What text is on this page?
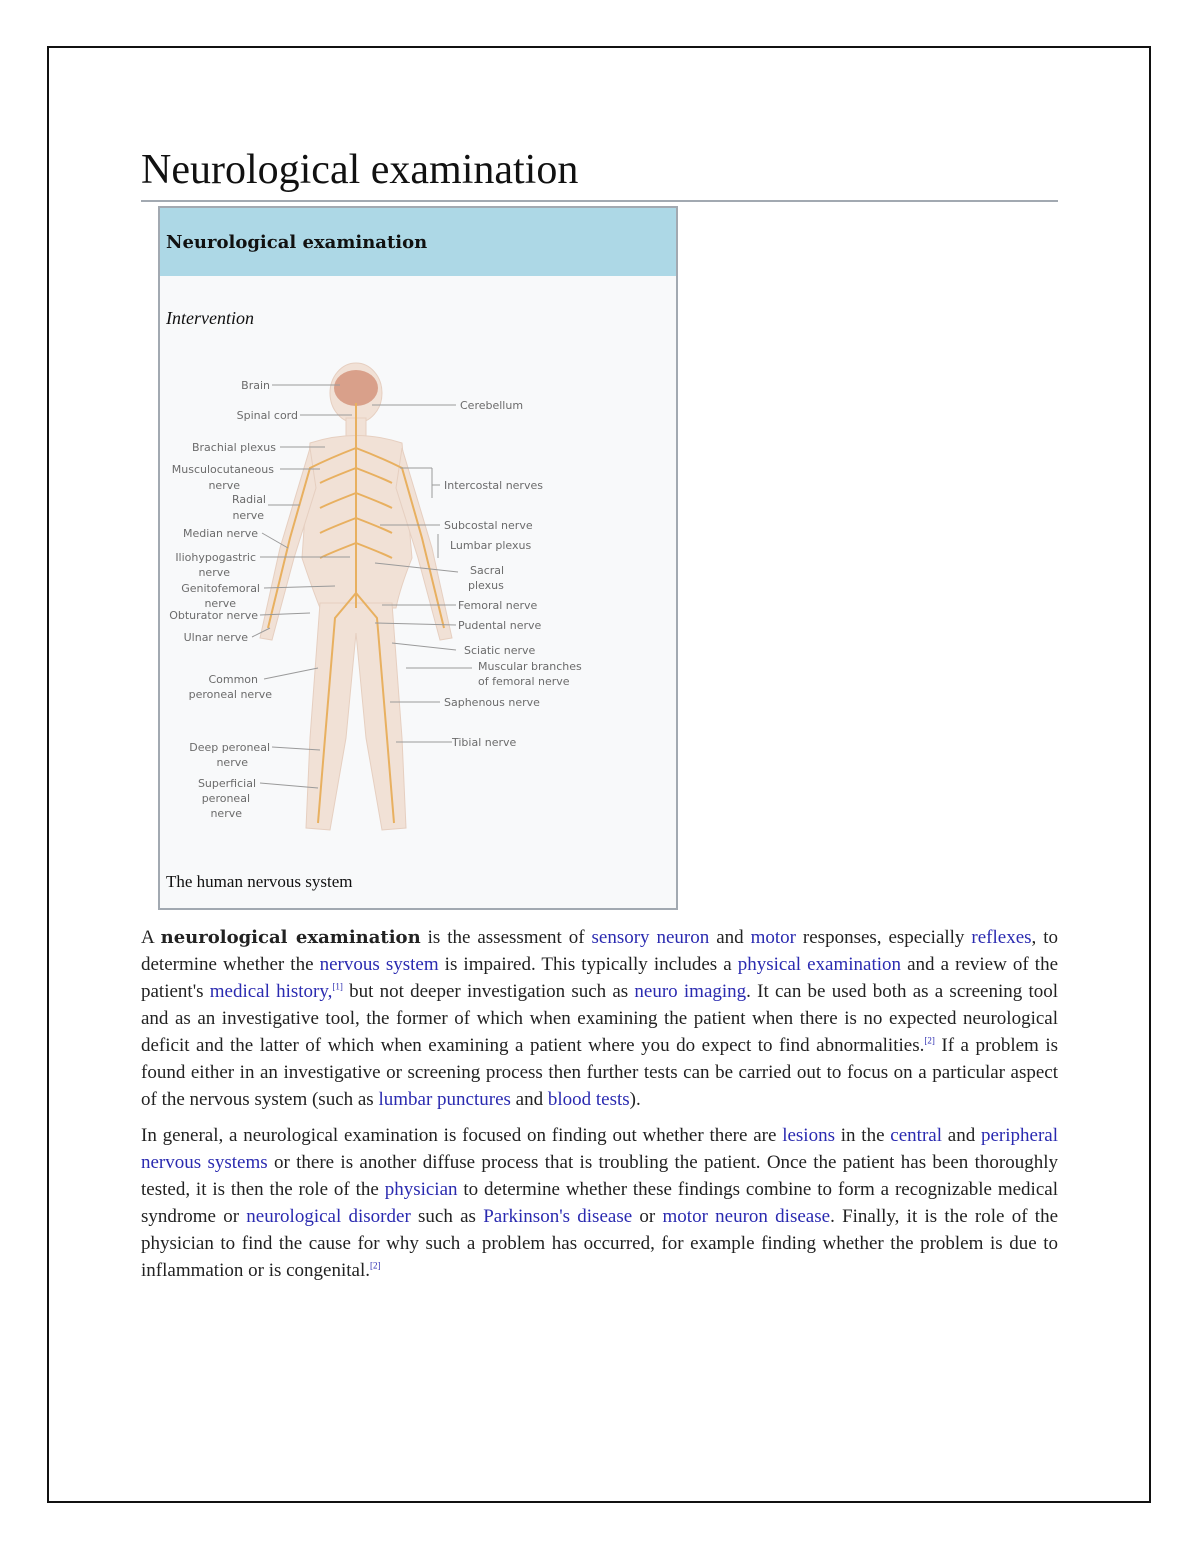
Neurological examination
Neurological examination
Intervention
Brain
Spinal cord
Brachial plexus
Musculocutaneous
nerve
Radial
nerve
Median nerve
Iliohypogastric
nerve
Genitofemoral
nerve
Obturator nerve
Ulnar nerve
Common
peroneal nerve
Deep peroneal
nerve
Superficial
peroneal
nerve
Cerebellum
Intercostal nerves
Subcostal nerve
Lumbar plexus
Sacral
plexus
Femoral nerve
Pudental nerve
Sciatic nerve
Muscular branches
of femoral nerve
Saphenous nerve
Tibial nerve
The human nervous system

A neurological examination is the assessment of sensory neuron and motor responses, especially reflexes, to determine whether the nervous system is impaired. This typically includes a physical examination and a review of the patient's medical history,[1] but not deeper investigation such as neuro imaging. It can be used both as a screening tool and as an investigative tool, the former of which when examining the patient when there is no expected neurological deficit and the latter of which when examining a patient where you do expect to find abnormalities.[2] If a problem is found either in an investigative or screening process then further tests can be carried out to focus on a particular aspect of the nervous system (such as lumbar punctures and blood tests).

In general, a neurological examination is focused on finding out whether there are lesions in the central and peripheral nervous systems or there is another diffuse process that is troubling the patient. Once the patient has been thoroughly tested, it is then the role of the physician to determine whether these findings combine to form a recognizable medical syndrome or neurological disorder such as Parkinson's disease or motor neuron disease. Finally, it is the role of the physician to find the cause for why such a problem has occurred, for example finding whether the problem is due to inflammation or is congenital.[2]
